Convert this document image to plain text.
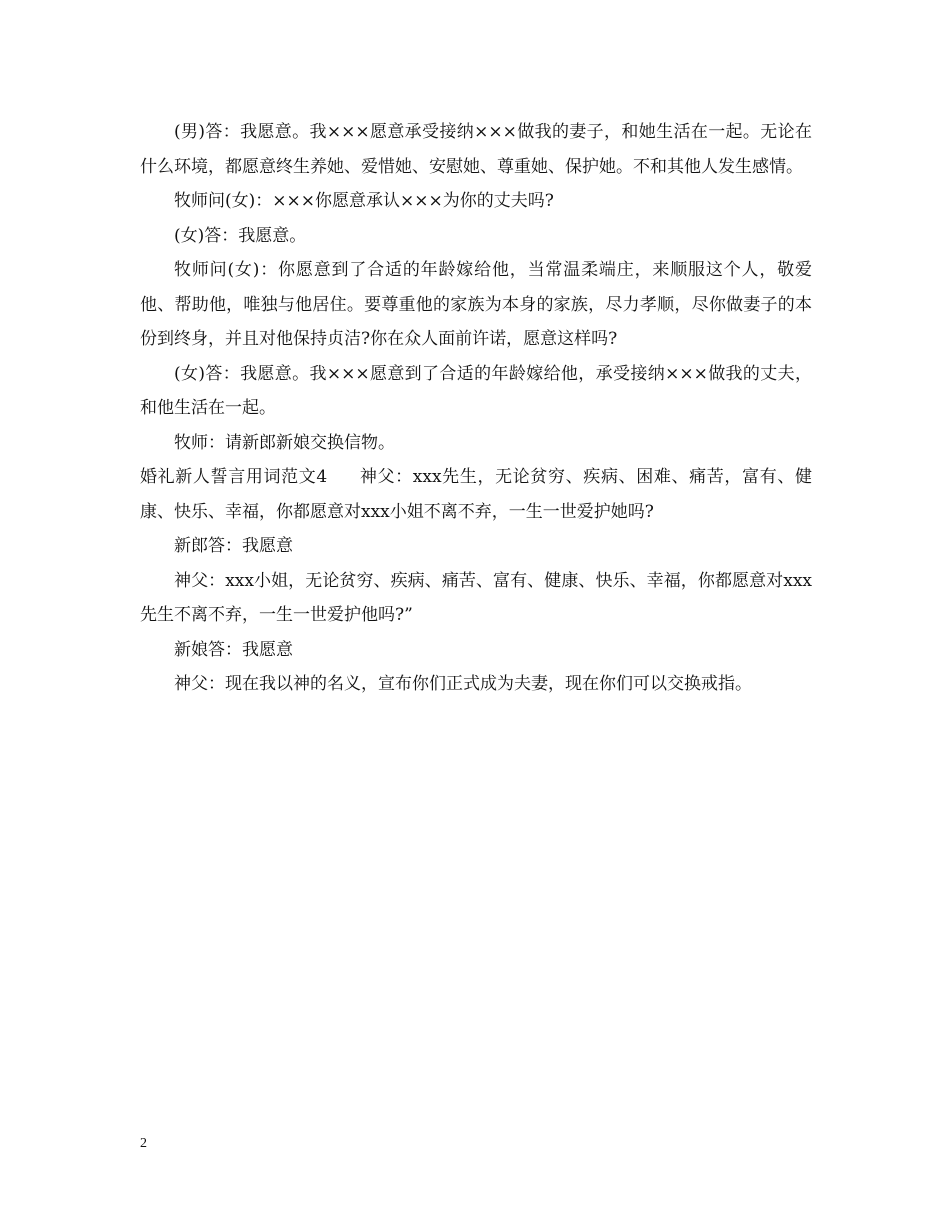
(男)答：我愿意。我×××愿意承受接纳×××做我的妻子，和她生活在一起。无论在什么环境，都愿意终生养她、爱惜她、安慰她、尊重她、保护她。不和其他人发生感情。

牧师问(女)：×××你愿意承认×××为你的丈夫吗?

(女)答：我愿意。

牧师问(女)：你愿意到了合适的年龄嫁给他，当常温柔端庄，来顺服这个人，敬爱他、帮助他，唯独与他居住。要尊重他的家族为本身的家族，尽力孝顺，尽你做妻子的本份到终身，并且对他保持贞洁?你在众人面前许诺，愿意这样吗?

(女)答：我愿意。我×××愿意到了合适的年龄嫁给他，承受接纳×××做我的丈夫，和他生活在一起。

牧师：请新郎新娘交换信物。

婚礼新人誓言用词范文4 神父：xxx先生，无论贫穷、疾病、困难、痛苦，富有、健康、快乐、幸福，你都愿意对xxx小姐不离不弃，一生一世爱护她吗?

新郎答：我愿意

神父：xxx小姐，无论贫穷、疾病、痛苦、富有、健康、快乐、幸福，你都愿意对xxx先生不离不弃，一生一世爱护他吗?”

新娘答：我愿意

神父：现在我以神的名义，宣布你们正式成为夫妻，现在你们可以交换戒指。

2
